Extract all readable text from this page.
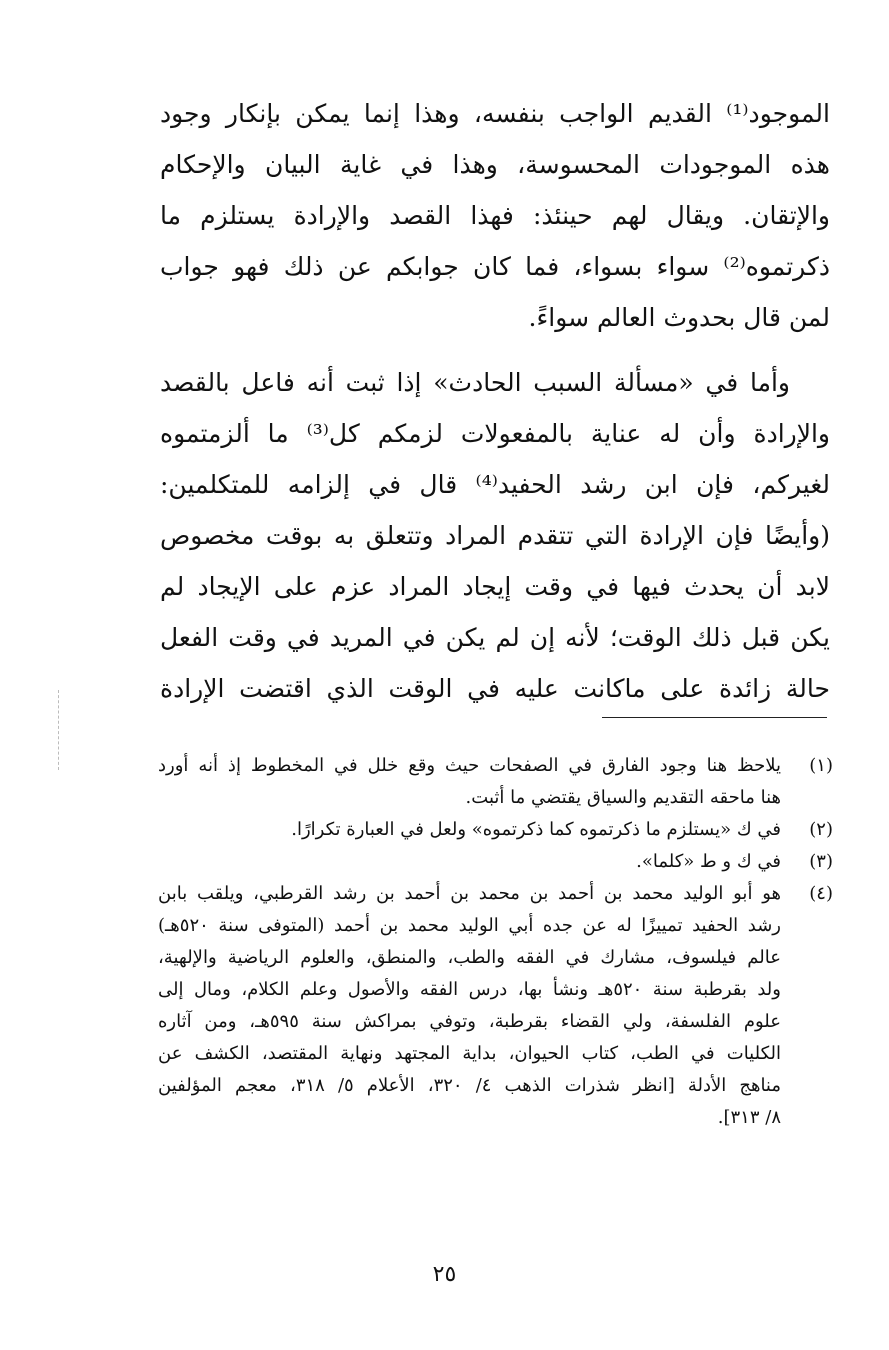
الموجود⁽¹⁾ القديم الواجب بنفسه، وهذا إنما يمكن بإنكار وجود
هذه الموجودات المحسوسة، وهذا في غاية البيان والإحكام
والإتقان. ويقال لهم حينئذ: فهذا القصد والإرادة يستلزم ما
ذكرتموه⁽²⁾ سواء بسواء، فما كان جوابكم عن ذلك فهو جواب
لمن قال بحدوث العالم سواءً.
وأما في «مسألة السبب الحادث» إذا ثبت أنه فاعل بالقصد
والإرادة وأن له عناية بالمفعولات لزمكم كل⁽³⁾ ما ألزمتموه
لغيركم، فإن ابن رشد الحفيد⁽⁴⁾ قال في إلزامه للمتكلمين:
(وأيضًا فإن الإرادة التي تتقدم المراد وتتعلق به بوقت مخصوص
لابد أن يحدث فيها في وقت إيجاد المراد عزم على الإيجاد لم
يكن قبل ذلك الوقت؛ لأنه إن لم يكن في المريد في وقت الفعل
حالة زائدة على ماكانت عليه في الوقت الذي اقتضت الإرادة
(١)
يلاحظ هنا وجود الفارق في الصفحات حيث وقع خلل في المخطوط إذ أنه أورد
هنا ماحقه التقديم والسياق يقتضي ما أثبت.
(٢)
في ك «يستلزم ما ذكرتموه كما ذكرتموه» ولعل في العبارة تكرارًا.
(٣)
في ك و ط «كلما».
(٤)
هو أبو الوليد محمد بن أحمد بن محمد بن أحمد بن رشد القرطبي، ويلقب بابن
رشد الحفيد تمييزًا له عن جده أبي الوليد محمد بن أحمد (المتوفى سنة ٥٢٠هـ)
عالم فيلسوف، مشارك في الفقه والطب، والمنطق، والعلوم الرياضية والإلهية،
ولد بقرطبة سنة ٥٢٠هـ ونشأ بها، درس الفقه والأصول وعلم الكلام، ومال إلى
علوم الفلسفة، ولي القضاء بقرطبة، وتوفي بمراكش سنة ٥٩٥هـ، ومن آثاره
الكليات في الطب، كتاب الحيوان، بداية المجتهد ونهاية المقتصد، الكشف عن
مناهج الأدلة [انظر شذرات الذهب ٤/ ٣٢٠، الأعلام ٥/ ٣١٨، معجم المؤلفين
٨/ ٣١٣].
٢٥
